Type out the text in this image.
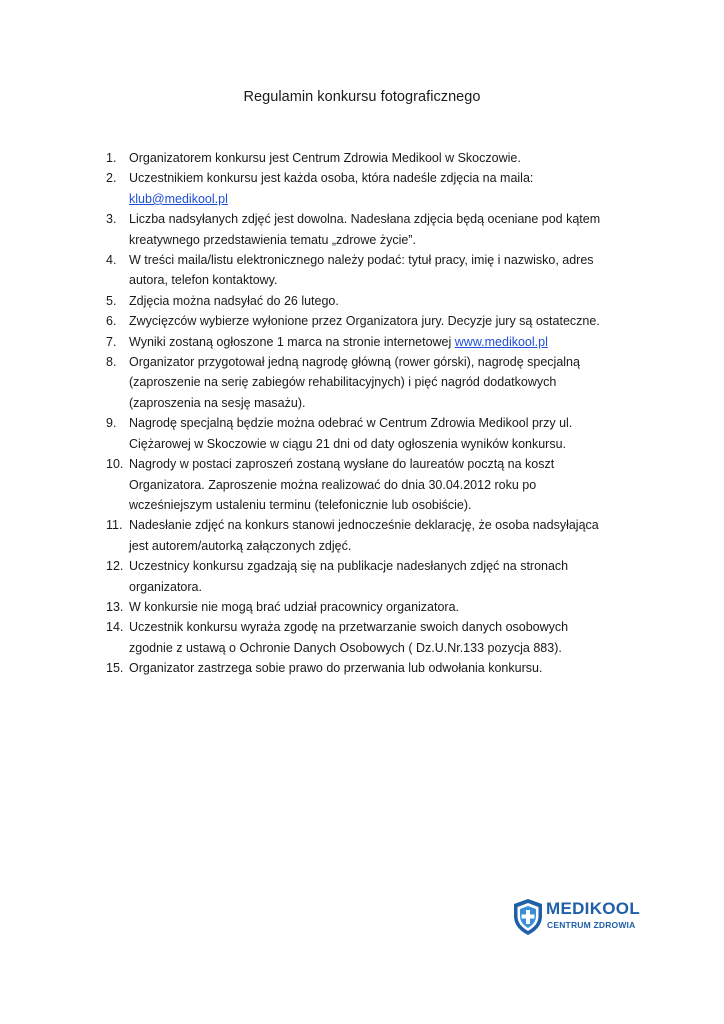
Regulamin konkursu fotograficznego
1.	Organizatorem konkursu jest Centrum Zdrowia Medikool w Skoczowie.
2.	Uczestnikiem konkursu jest każda osoba, która nadeśle zdjęcia na maila:
klub@medikool.pl
3.	Liczba nadsyłanych zdjęć jest dowolna. Nadesłana zdjęcia będą oceniane pod kątem
kreatywnego przedstawienia tematu „zdrowe życie”.
4.	W treści maila/listu elektronicznego należy podać: tytuł pracy, imię i nazwisko, adres
autora, telefon kontaktowy.
5.	Zdjęcia można nadsyłać do 26 lutego.
6.	Zwycięzców wybierze wyłonione przez Organizatora jury. Decyzje jury są ostateczne.
7.	Wyniki zostaną ogłoszone 1 marca na stronie internetowej www.medikool.pl
8.	Organizator przygotował jedną nagrodę główną (rower górski), nagrodę specjalną
(zaproszenie na serię zabiegów rehabilitacyjnych) i pięć nagród dodatkowych
(zaproszenia na sesję masażu).
9.	Nagrodę specjalną będzie można odebrać w Centrum Zdrowia Medikool przy ul.
Ciężarowej w Skoczowie w ciągu 21 dni od daty ogłoszenia wyników konkursu.
10. Nagrody w postaci zaproszeń zostaną wysłane do laureatów pocztą na koszt
Organizatora. Zaproszenie można realizować do dnia 30.04.2012 roku po
wcześniejszym ustaleniu terminu (telefonicznie lub osobiście).
11. Nadesłanie zdjęć na konkurs stanowi jednocześnie deklarację, że osoba nadsyłająca
jest autorem/autorką załączonych zdjęć.
12. Uczestnicy konkursu zgadzają się na publikacje nadesłanych zdjęć na stronach
organizatora.
13. W konkursie nie mogą brać udział pracownicy organizatora.
14. Uczestnik konkursu wyraża zgodę na przetwarzanie swoich danych osobowych
zgodnie z ustawą o Ochronie Danych Osobowych ( Dz.U.Nr.133 pozycja 883).
15. Organizator zastrzega sobie prawo do przerwania lub odwołania konkursu.
MEDIKOOL
CENTRUM ZDROWIA
